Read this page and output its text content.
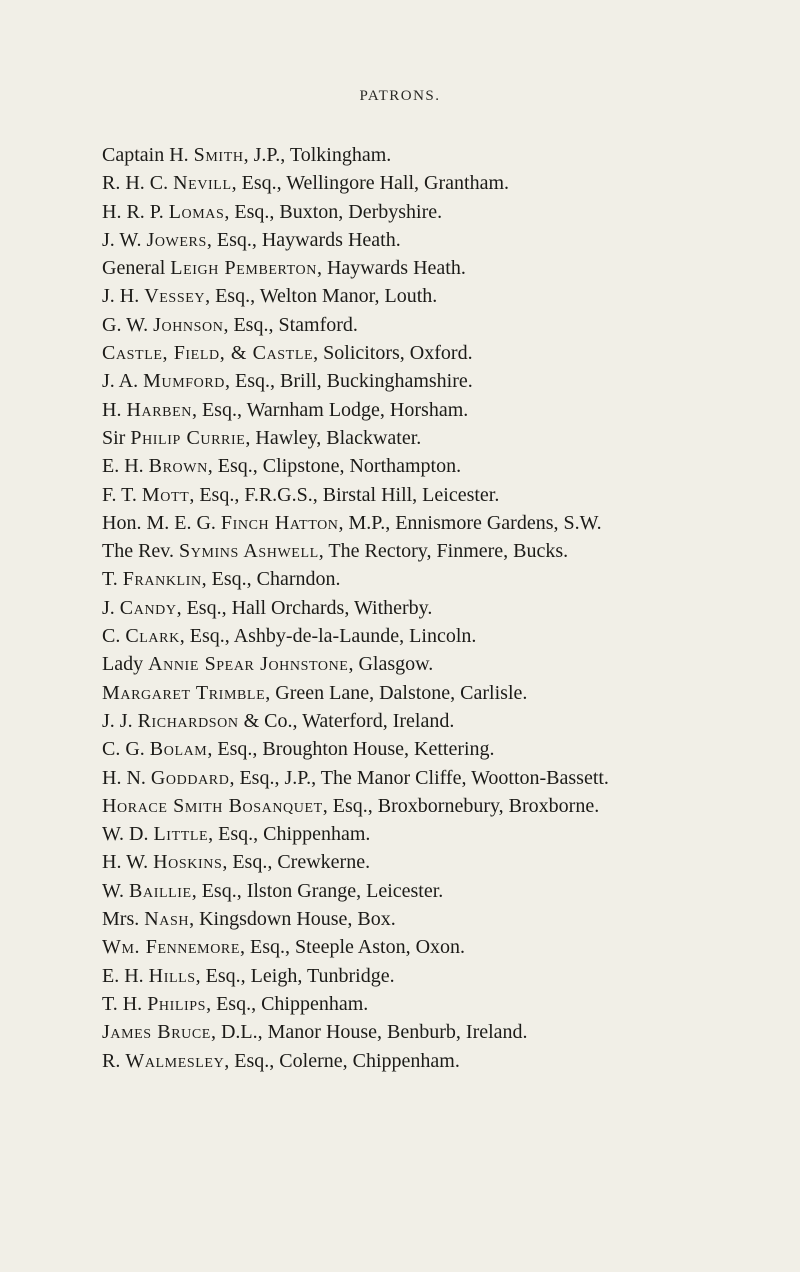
PATRONS.
Captain H. Smith, J.P., Tolkingham.
R. H. C. Nevill, Esq., Wellingore Hall, Grantham.
H. R. P. Lomas, Esq., Buxton, Derbyshire.
J. W. Jowers, Esq., Haywards Heath.
General Leigh Pemberton, Haywards Heath.
J. H. Vessey, Esq., Welton Manor, Louth.
G. W. Johnson, Esq., Stamford.
Castle, Field, & Castle, Solicitors, Oxford.
J. A. Mumford, Esq., Brill, Buckinghamshire.
H. Harben, Esq., Warnham Lodge, Horsham.
Sir Philip Currie, Hawley, Blackwater.
E. H. Brown, Esq., Clipstone, Northampton.
F. T. Mott, Esq., F.R.G.S., Birstal Hill, Leicester.
Hon. M. E. G. Finch Hatton, M.P., Ennismore Gardens, S.W.
The Rev. Symins Ashwell, The Rectory, Finmere, Bucks.
T. Franklin, Esq., Charndon.
J. Candy, Esq., Hall Orchards, Witherby.
C. Clark, Esq., Ashby-de-la-Launde, Lincoln.
Lady Annie Spear Johnstone, Glasgow.
Margaret Trimble, Green Lane, Dalstone, Carlisle.
J. J. Richardson & Co., Waterford, Ireland.
C. G. Bolam, Esq., Broughton House, Kettering.
H. N. Goddard, Esq., J.P., The Manor Cliffe, Wootton-Bassett.
Horace Smith Bosanquet, Esq., Broxbornebury, Broxborne.
W. D. Little, Esq., Chippenham.
H. W. Hoskins, Esq., Crewkerne.
W. Baillie, Esq., Ilston Grange, Leicester.
Mrs. Nash, Kingsdown House, Box.
Wm. Fennemore, Esq., Steeple Aston, Oxon.
E. H. Hills, Esq., Leigh, Tunbridge.
T. H. Philips, Esq., Chippenham.
James Bruce, D.L., Manor House, Benburb, Ireland.
R. Walmesley, Esq., Colerne, Chippenham.
